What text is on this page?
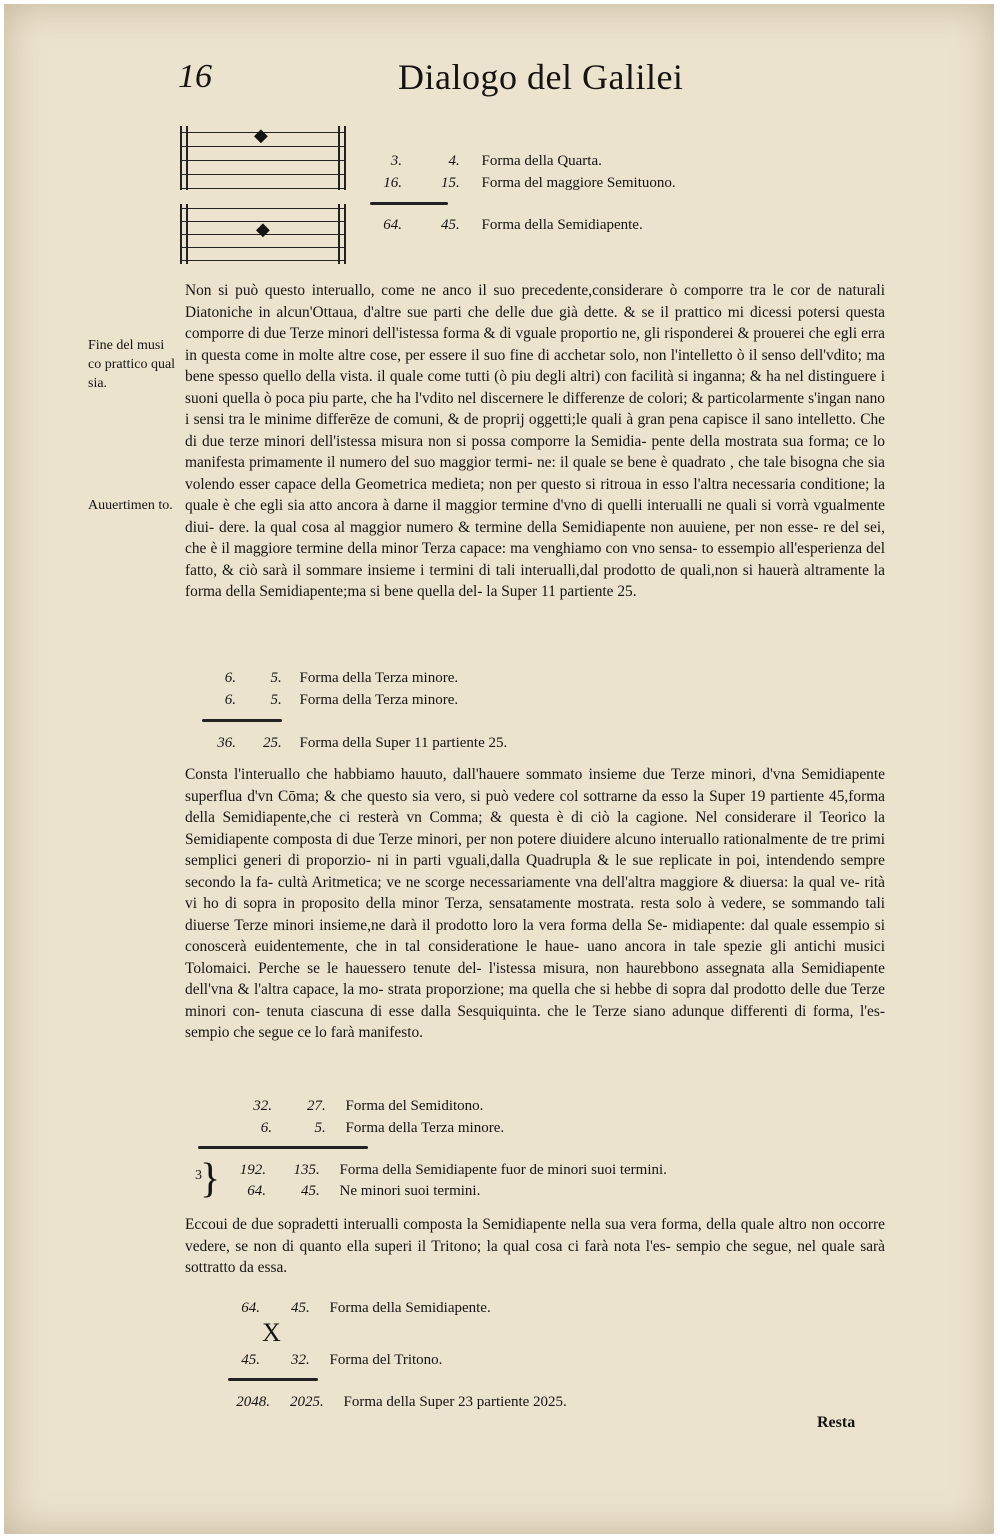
16	Dialogo del Galilei
◆
◆
3.	4. Forma della Quarta.
16.	15. Forma del maggiore Semituono.
64.	45. Forma della Semidiapente.
Fine del musi co prattico qual sia.
Auuertimen to.
Non si può questo interuallo, come ne anco il suo precedente,considerare ò comporre tra le cor de naturali Diatoniche in alcun'Ottaua, d'altre sue parti che delle due già dette. & se il prattico mi dicessi potersi questa comporre di due Terze minori dell'istessa forma & di vguale proportio ne, gli risponderei & prouerei che egli erra in questa come in molte altre cose, per essere il suo fine di acchetar solo, non l'intelletto ò il senso dell'vdito; ma bene spesso quello della vista. il quale come tutti (ò piu degli altri) con facilità si inganna; & ha nel distinguere i suoni quella ò poca piu parte, che ha l'vdito nel discernere le differenze de colori; & particolarmente s'ingan nano i sensi tra le minime differēze de comuni, & de proprij oggetti;le quali à gran pena capisce il sano intelletto. Che di due terze minori dell'istessa misura non si possa comporre la Semidia- pente della mostrata sua forma; ce lo manifesta primamente il numero del suo maggior termi- ne: il quale se bene è quadrato , che tale bisogna che sia volendo esser capace della Geometrica medieta; non per questo si ritroua in esso l'altra necessaria conditione; la quale è che egli sia atto ancora à darne il maggior termine d'vno di quelli interualli ne quali si vorrà vgualmente diui- dere. la qual cosa al maggior numero & termine della Semidiapente non auuiene, per non esse- re del sei, che è il maggiore termine della minor Terza capace: ma venghiamo con vno sensa- to essempio all'esperienza del fatto, & ciò sarà il sommare insieme i termini di tali interualli,dal prodotto de quali,non si hauerà altramente la forma della Semidiapente;ma si bene quella del- la Super 11 partiente 25.
6. 5. Forma della Terza minore.
6. 5. Forma della Terza minore.
36. 25. Forma della Super 11 partiente 25.
Consta l'interuallo che habbiamo hauuto, dall'hauere sommato insieme due Terze minori, d'vna Semidiapente superflua d'vn Cōma; & che questo sia vero, si può vedere col sottrarne da esso la Super 19 partiente 45,forma della Semidiapente,che ci resterà vn Comma; & questa è di ciò la cagione. Nel considerare il Teorico la Semidiapente composta di due Terze minori, per non potere diuidere alcuno interuallo rationalmente de tre primi semplici generi di proporzio- ni in parti vguali,dalla Quadrupla & le sue replicate in poi, intendendo sempre secondo la fa- cultà Aritmetica; ve ne scorge necessariamente vna dell'altra maggiore & diuersa: la qual ve- rità vi ho di sopra in proposito della minor Terza, sensatamente mostrata. resta solo à vedere, se sommando tali diuerse Terze minori insieme,ne darà il prodotto loro la vera forma della Se- midiapente: dal quale essempio si conoscerà euidentemente, che in tal consideratione le haue- uano ancora in tale spezie gli antichi musici Tolomaici. Perche se le hauessero tenute del- l'istessa misura, non haurebbono assegnata alla Semidiapente dell'vna & l'altra capace, la mo- strata proporzione; ma quella che si hebbe di sopra dal prodotto delle due Terze minori con- tenuta ciascuna di esse dalla Sesquiquinta. che le Terze siano adunque differenti di forma, l'es- sempio che segue ce lo farà manifesto.
32. 27. Forma del Semiditono.
6.	5. Forma della Terza minore.
3
}	192. 135. Forma della Semidiapente fuor de minori suoi termini.
64. 45. Ne minori suoi termini.
Eccoui de due sopradetti interualli composta la Semidiapente nella sua vera forma, della quale altro non occorre vedere, se non di quanto ella superi il Tritono; la qual cosa ci farà nota l'es- sempio che segue, nel quale sarà sottratto da essa.
64. 45. Forma della Semidiapente.
X
45. 32. Forma del Tritono.
2048. 2025. Forma della Super 23 partiente 2025.
Resta
